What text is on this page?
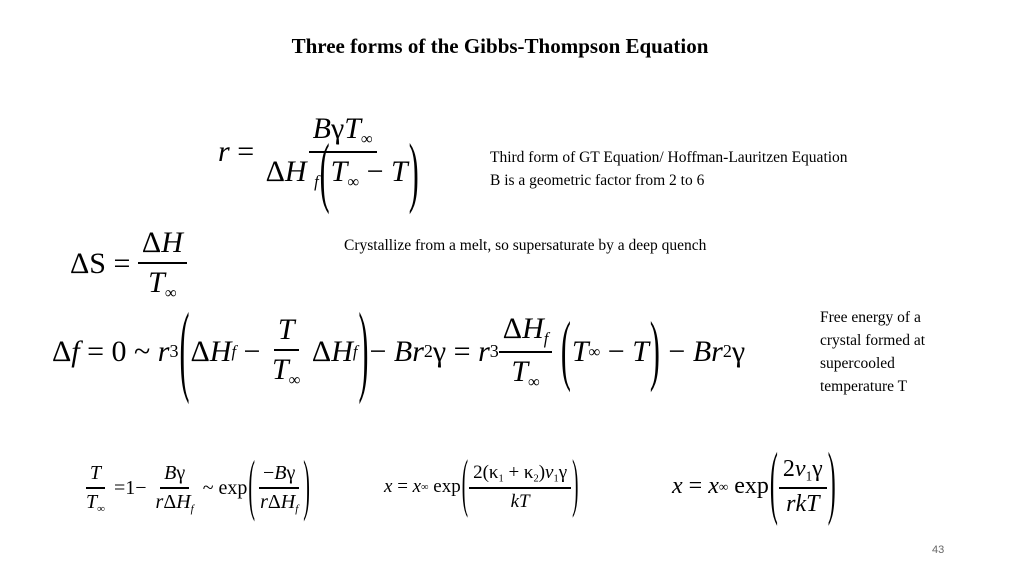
Three forms of the Gibbs-Thompson Equation
$r = \frac{B\gamma T_\infty}{\Delta H _f(T_\infty - T)}$	Third form of GT Equation/ Hoffman-Lauritzen Equation
B is a geometric factor from 2 to 6
$\Delta S = \frac{\Delta H}{T_\infty}$	Crystallize from a melt, so supersaturate by a deep quench
Δ f = 0 ~ r 3 ( Δ H $f - \frac{T}{T_\infty}$ Δ H f ) − Br 2 γ = r $3 \frac{\Delta H_f}{T_\infty}$
( T ∞ − T ) − Br 2 γ
Free energy of a
crystal formed at
supercooled
temperature T
$\frac{T}{T_\infty} =1- \frac{B\gamma}{r\Delta H_f}$ ~ exp ( $\frac{-B\gamma}{r\Delta H_f}$ )	x = x ∞ exp ( $\frac{2(\kappa_1 + \kappa_2)v_1\gamma}{kT}$ )	x = x ∞ exp ( $\frac{2v_1\gamma}{\text{rkT}}$ )
43
